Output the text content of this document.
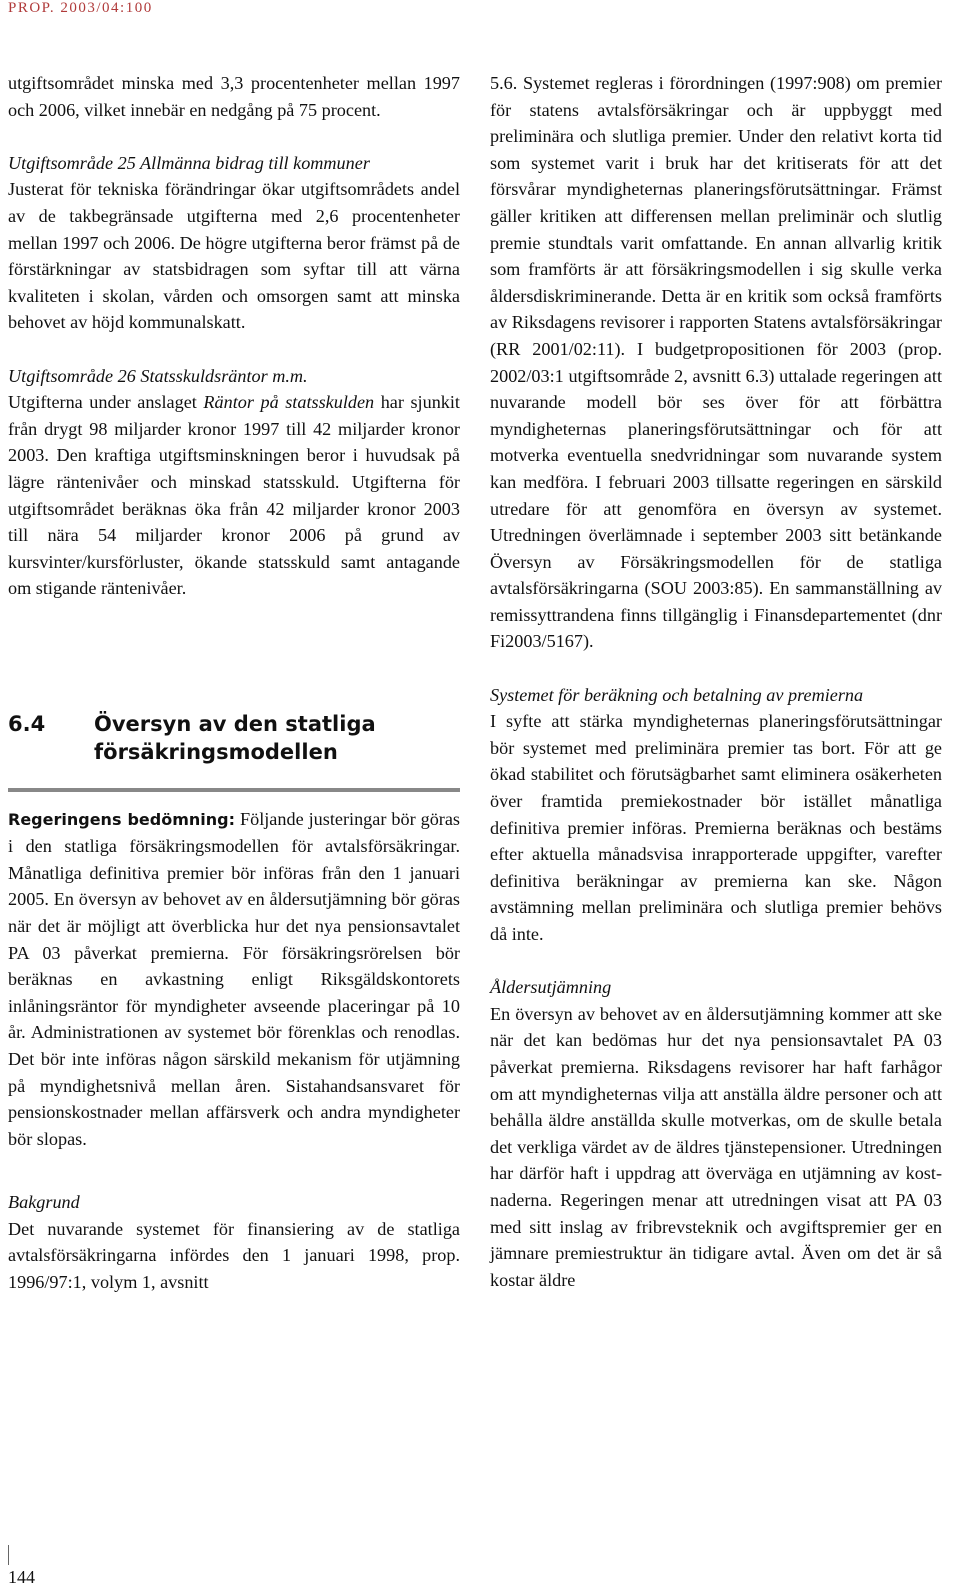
PROP. 2003/04:100

utgiftsområdet minska med 3,3 procentenheter mellan 1997 och 2006, vilket innebär en nedgång på 75 procent.

Utgiftsområde 25 Allmänna bidrag till kommuner

Justerat för tekniska förändringar ökar utgiftsområdets andel av de takbegränsade utgifterna med 2,6 procentenheter mellan 1997 och 2006. De högre utgifterna beror främst på de förstärkningar av statsbidragen som syftar till att värna kvaliteten i skolan, vården och omsorgen samt att minska behovet av höjd kommunalskatt.

Utgiftsområde 26 Statsskuldsräntor m.m.

Utgifterna under anslaget Räntor på statsskulden har sjunkit från drygt 98 miljarder kronor 1997 till 42 miljarder kronor 2003. Den kraftiga utgiftsminskningen beror i huvudsak på lägre räntenivåer och minskad statsskuld. Utgifterna för utgiftsområdet beräknas öka från 42 miljarder kronor 2003 till nära 54 miljarder kronor 2006 på grund av kursvinter/kursförluster, ökande statsskuld samt antagande om stigande räntenivåer.

6.4 Översyn av den statliga försäkringsmodellen

Regeringens bedömning: Följande justeringar bör göras i den statliga försäkringsmodellen för avtalsförsäkringar. Månatliga definitiva premier bör införas från den 1 januari 2005. En översyn av behovet av en åldersutjämning bör göras när det är möjligt att överblicka hur det nya pensionsavtalet PA 03 påverkat premierna. För försäkringsrörelsen bör beräknas en avkastning enligt Riksgäldskontorets inlåningsräntor för myndigheter avseende placeringar på 10 år. Administrationen av systemet bör förenklas och renodlas. Det bör inte införas någon särskild mekanism för utjämning på myndighetsnivå mellan åren. Sistahandsansvaret för pensionskostnader mellan affärsverk och andra myndigheter bör slopas.

Bakgrund

Det nuvarande systemet för finansiering av de statliga avtalsförsäkringarna infördes den 1 januari 1998, prop. 1996/97:1, volym 1, avsnitt

5.6. Systemet regleras i förordningen (1997:908) om premier för statens avtalsförsäkringar och är uppbyggt med preliminära och slutliga premier. Under den relativt korta tid som systemet varit i bruk har det kritiserats för att det försvårar myndigheternas planeringsförutsättningar. Främst gäller kritiken att differensen mellan preliminär och slutlig premie stundtals varit omfattande. En annan allvarlig kritik som framförts är att försäkringsmodellen i sig skulle verka åldersdiskriminerande. Detta är en kritik som också framförts av Riksdagens revisorer i rapporten Statens avtalsförsäkringar (RR 2001/02:11). I budgetpropositionen för 2003 (prop. 2002/03:1 utgiftsområde 2, avsnitt 6.3) uttalade regeringen att nuvarande modell bör ses över för att förbättra myndigheternas planeringsförutsättningar och för att motverka eventuella snedvridningar som nuvarande system kan medföra. I februari 2003 tillsatte regeringen en särskild utredare för att genomföra en översyn av systemet. Utredningen överlämnade i september 2003 sitt betänkande Översyn av Försäkringsmodellen för de statliga avtalsförsäkringarna (SOU 2003:85). En sammanställning av remissyttrandena finns tillgänglig i Finansdepartementet (dnr Fi2003/5167).

Systemet för beräkning och betalning av premierna

I syfte att stärka myndigheternas planeringsförutsättningar bör systemet med preliminära premier tas bort. För att ge ökad stabilitet och förutsägbarhet samt eliminera osäkerheten över framtida premiekostnader bör istället månatliga definitiva premier införas. Premierna beräknas och bestäms efter aktuella månadsvisa inrapporterade uppgifter, varefter definitiva beräkningar av premierna kan ske. Någon avstämning mellan preliminära och slutliga premier behövs då inte.

Åldersutjämning

En översyn av behovet av en åldersutjämning kommer att ske när det kan bedömas hur det nya pensionsavtalet PA 03 påverkat premierna. Riksdagens revisorer har haft farhågor om att myndigheternas vilja att anställa äldre personer och att behålla äldre anställda skulle motverkas, om de skulle betala det verkliga värdet av de äldres tjänstepensioner. Utredningen har därför haft i uppdrag att överväga en utjämning av kostnaderna. Regeringen menar att utredningen visat att PA 03 med sitt inslag av fribrevsteknik och avgiftspremier ger en jämnare premiestruktur än tidigare avtal. Även om det är så kostar äldre

144
